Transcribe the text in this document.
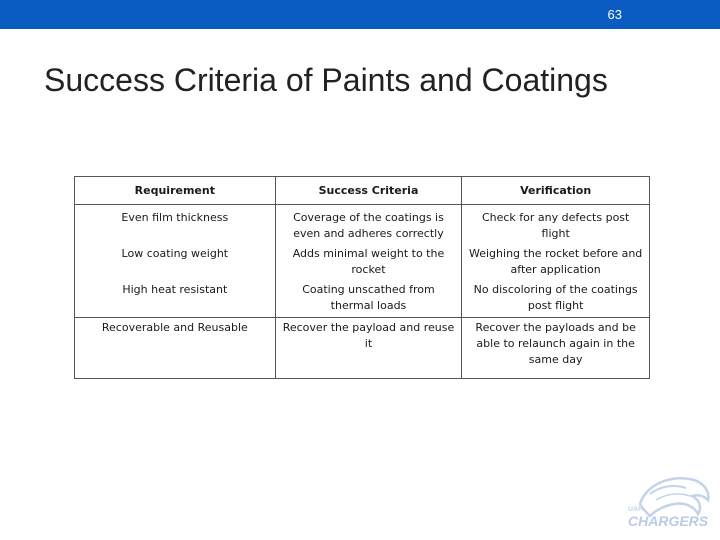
63
Success Criteria of Paints and Coatings
Requirement	Success Criteria	Verification
Even film thickness	Coverage of the coatings is even and adheres correctly	Check for any defects post flight
Low coating weight	Adds minimal weight to the rocket	Weighing the rocket before and after application
High heat resistant	Coating unscathed from thermal loads	No discoloring of the coatings post flight
Recoverable and Reusable	Recover the payload and reuse it	Recover the payloads and be able to relaunch again in the same day
UAH
CHARGERS
